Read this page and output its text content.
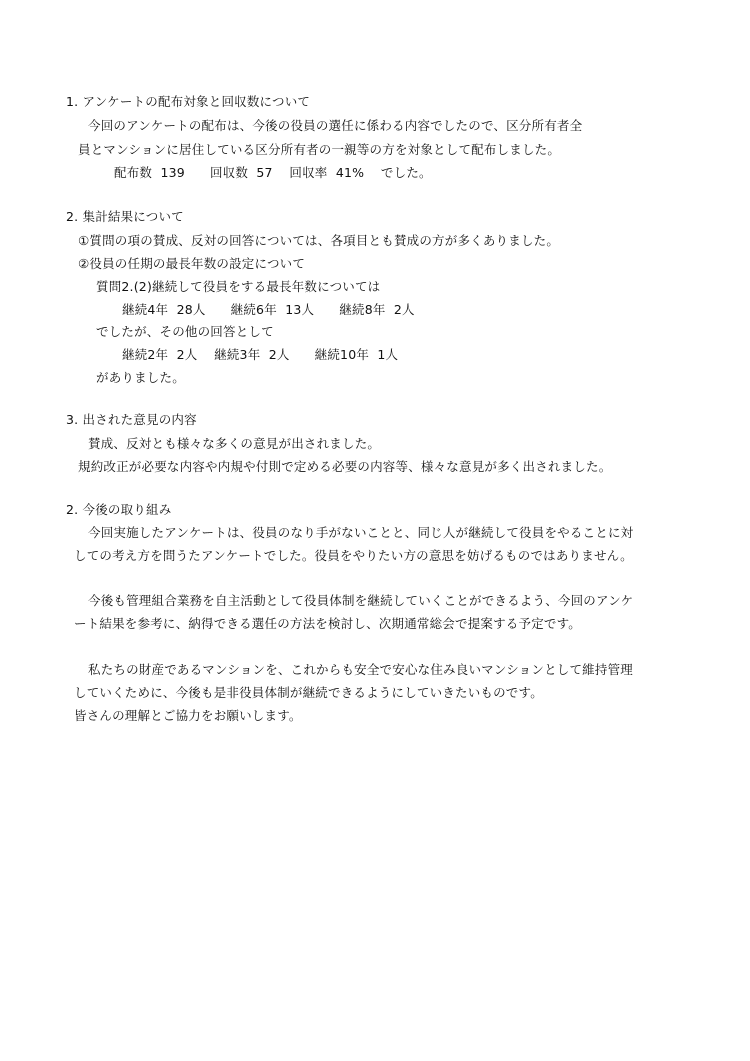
1. アンケートの配布対象と回収数について
今回のアンケートの配布は、今後の役員の選任に係わる内容でしたので、区分所有者全
員とマンションに居住している区分所有者の一親等の方を対象として配布しました。
配布数  139      回収数  57    回収率  41%    でした。
2. 集計結果について
①質問の項の賛成、反対の回答については、各項目とも賛成の方が多くありました。
②役員の任期の最長年数の設定について
質問2.(2)継続して役員をする最長年数については
継続4年  28人      継続6年  13人      継続8年  2人
でしたが、その他の回答として
継続2年  2人    継続3年  2人      継続10年  1人
がありました。
3. 出された意見の内容
賛成、反対とも様々な多くの意見が出されました。
規約改正が必要な内容や内規や付則で定める必要の内容等、様々な意見が多く出されました。
2. 今後の取り組み
今回実施したアンケートは、役員のなり手がないことと、同じ人が継続して役員をやることに対
しての考え方を問うたアンケートでした。役員をやりたい方の意思を妨げるものではありません。
今後も管理組合業務を自主活動として役員体制を継続していくことができるよう、今回のアンケ
ート結果を参考に、納得できる選任の方法を検討し、次期通常総会で提案する予定です。
私たちの財産であるマンションを、これからも安全で安心な住み良いマンションとして維持管理
していくために、今後も是非役員体制が継続できるようにしていきたいものです。
皆さんの理解とご協力をお願いします。
